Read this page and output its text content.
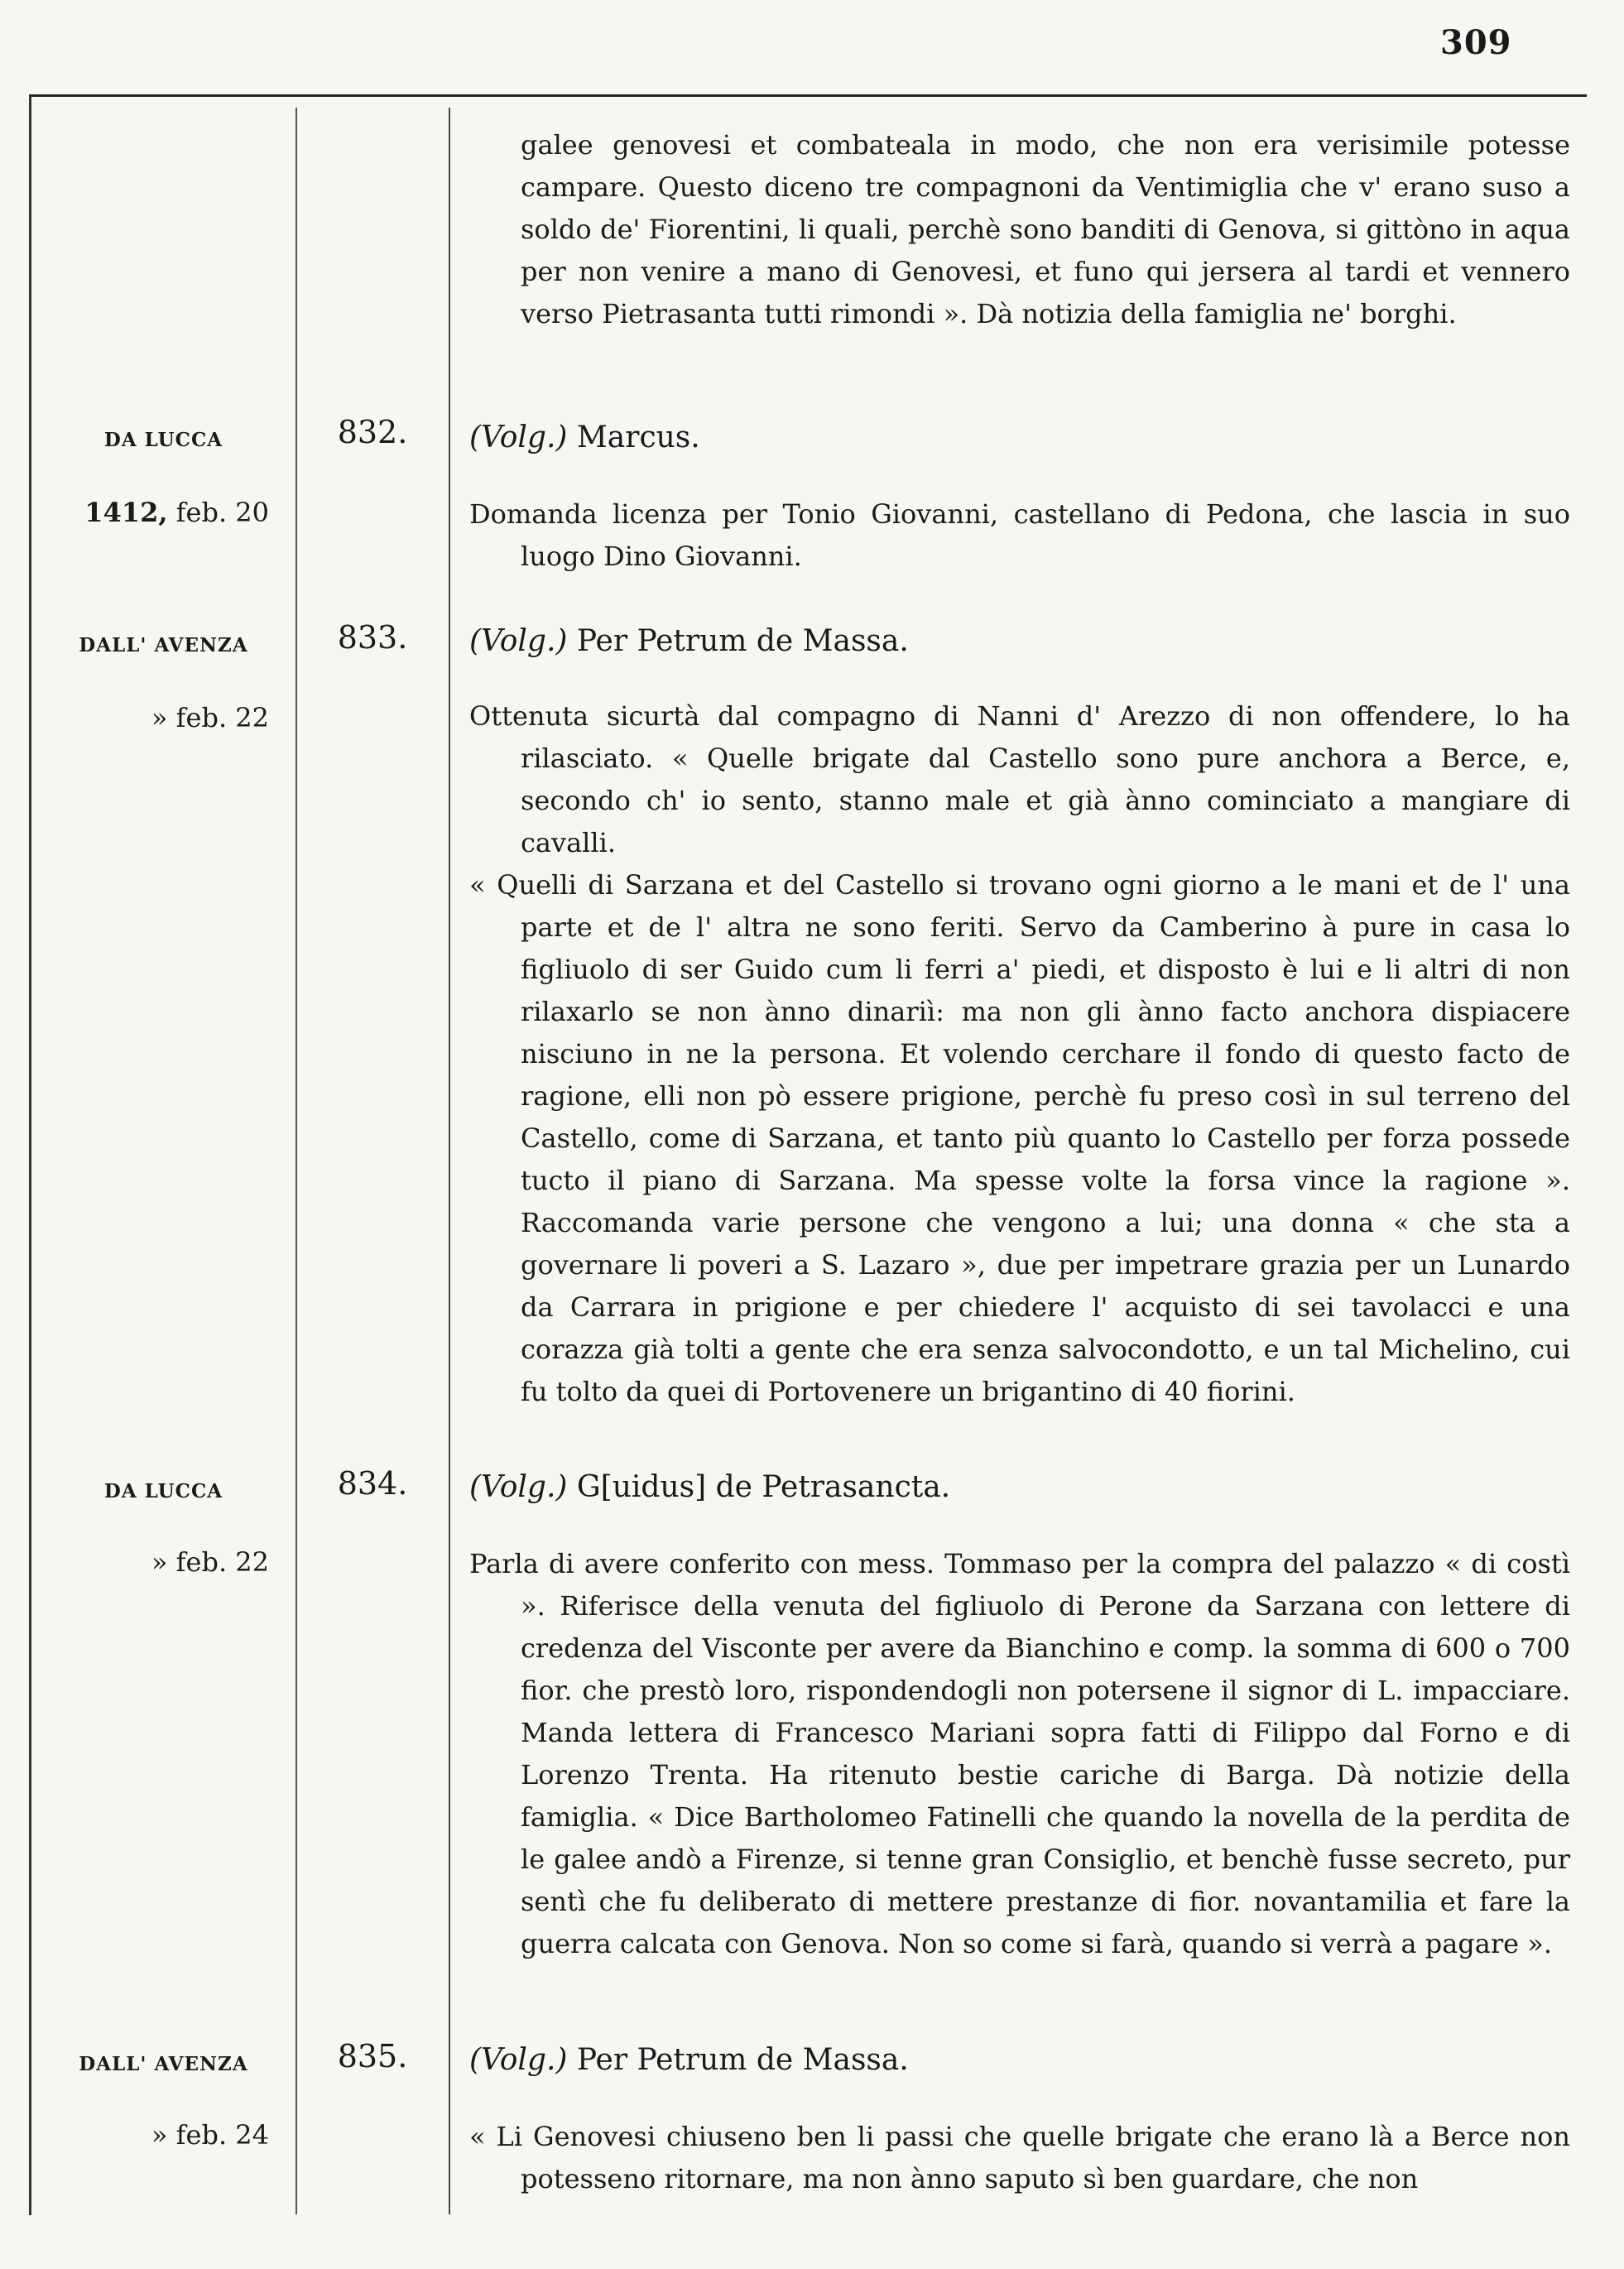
309
galee genovesi et combateala in modo, che non era verisimile potesse campare. Questo diceno tre compagnoni da Ventimiglia che v' erano suso a soldo de' Fiorentini, li quali, perchè sono banditi di Genova, si gittòno in aqua per non venire a mano di Genovesi, et funo qui jersera al tardi et vennero verso Pietrasanta tutti rimondi ». Dà notizia della famiglia ne' borghi.
DA LUCCA	832.	(Volg.) Marcus.
1412, feb. 20	Domanda licenza per Tonio Giovanni, castellano di Pedona, che lascia in suo luogo Dino Giovanni.
DALL' AVENZA	833.	(Volg.) Per Petrum de Massa.
» feb. 22	Ottenuta sicurtà dal compagno di Nanni d' Arezzo di non offendere, lo ha rilasciato. « Quelle brigate dal Castello sono pure anchora a Berce, e, secondo ch' io sento, stanno male et già ànno cominciato a mangiare di cavalli.
« Quelli di Sarzana et del Castello si trovano ogni giorno a le mani et de l' una parte et de l' altra ne sono feriti. Servo da Camberino à pure in casa lo figliuolo di ser Guido cum li ferri a' piedi, et disposto è lui e li altri di non rilaxarlo se non ànno dinariì: ma non gli ànno facto anchora dispiacere nisciuno in ne la persona. Et volendo cerchare il fondo di questo facto de ragione, elli non pò essere prigione, perchè fu preso così in sul terreno del Castello, come di Sarzana, et tanto più quanto lo Castello per forza possede tucto il piano di Sarzana. Ma spesse volte la forsa vince la ragione ». Raccomanda varie persone che vengono a lui; una donna « che sta a governare li poveri a S. Lazaro », due per impetrare grazia per un Lunardo da Carrara in prigione e per chiedere l' acquisto di sei tavolacci e una corazza già tolti a gente che era senza salvocondotto, e un tal Michelino, cui fu tolto da quei di Portovenere un brigantino di 40 fiorini.
DA LUCCA	834.	(Volg.) G[uidus] de Petrasancta.
» feb. 22	Parla di avere conferito con mess. Tommaso per la compra del palazzo « di costì ». Riferisce della venuta del figliuolo di Perone da Sarzana con lettere di credenza del Visconte per avere da Bianchino e comp. la somma di 600 o 700 fior. che prestò loro, rispondendogli non potersene il signor di L. impacciare. Manda lettera di Francesco Mariani sopra fatti di Filippo dal Forno e di Lorenzo Trenta. Ha ritenuto bestie cariche di Barga. Dà notizie della famiglia. « Dice Bartholomeo Fatinelli che quando la novella de la perdita de le galee andò a Firenze, si tenne gran Consiglio, et benchè fusse secreto, pur sentì che fu deliberato di mettere prestanze di fior. novantamilia et fare la guerra calcata con Genova. Non so come si farà, quando si verrà a pagare ».
DALL' AVENZA	835.	(Volg.) Per Petrum de Massa.
» feb. 24	« Li Genovesi chiuseno ben li passi che quelle brigate che erano là a Berce non potesseno ritornare, ma non ànno saputo sì ben guardare, che non
